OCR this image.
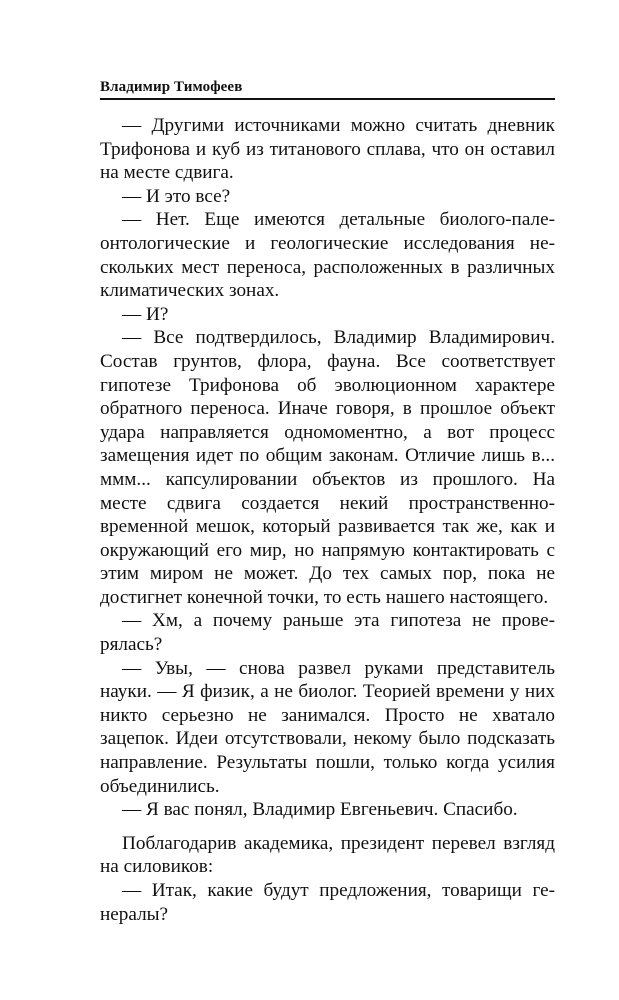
Владимир Тимофеев

— Другими источниками можно считать дневник Трифонова и куб из титанового сплава, что он оставил на месте сдвига.

— И это все?

— Нет. Еще имеются детальные биолого-палеонтологические и геологические исследования нескольких мест переноса, расположенных в различных климатических зонах.

— И?

— Все подтвердилось, Владимир Владимирович. Состав грунтов, флора, фауна. Все соответствует гипотезе Трифонова об эволюционном характере обратного переноса. Иначе говоря, в прошлое объект удара направляется одномоментно, а вот процесс замещения идет по общим законам. Отличие лишь в... ммм... капсулировании объектов из прошлого. На месте сдвига создается некий пространственно-временной мешок, который развивается так же, как и окружающий его мир, но напрямую контактировать с этим миром не может. До тех самых пор, пока не достигнет конечной точки, то есть нашего настоящего.

— Хм, а почему раньше эта гипотеза не проверялась?

— Увы, — снова развел руками представитель науки. — Я физик, а не биолог. Теорией времени у них никто серьезно не занимался. Просто не хватало зацепок. Идеи отсутствовали, некому было подсказать направление. Результаты пошли, только когда усилия объединились.

— Я вас понял, Владимир Евгеньевич. Спасибо.

Поблагодарив академика, президент перевел взгляд на силовиков:

— Итак, какие будут предложения, товарищи генералы?
